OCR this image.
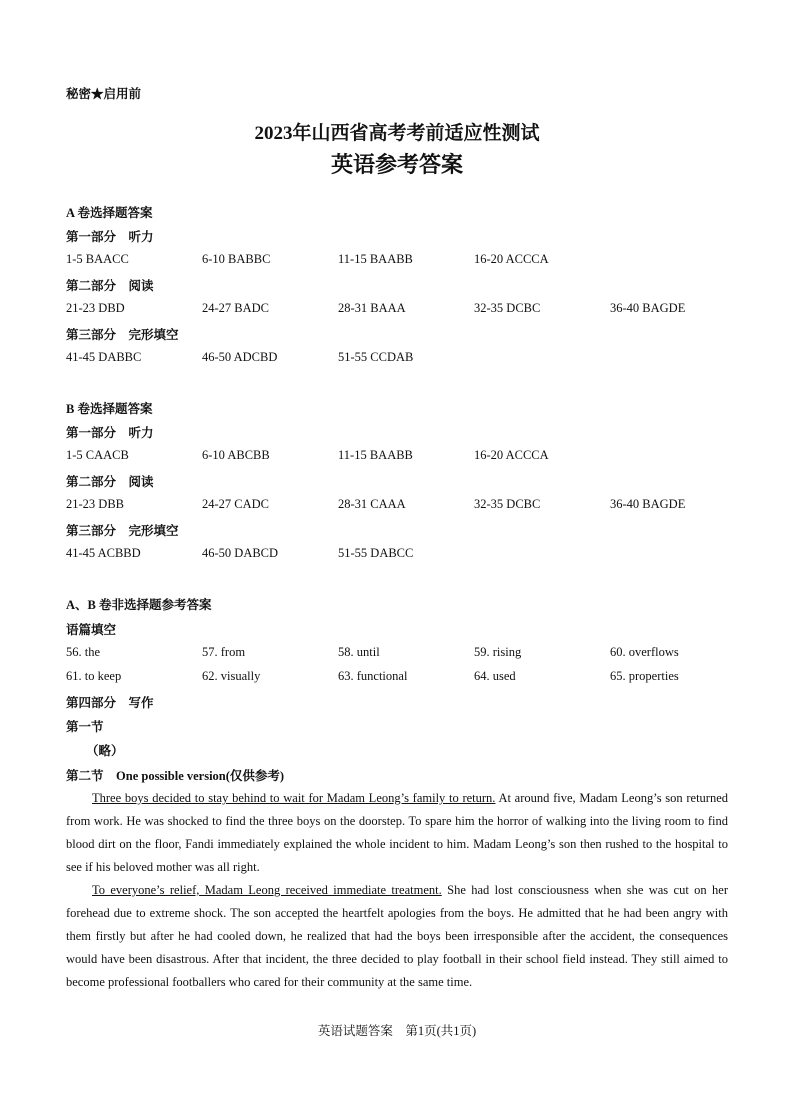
秘密★启用前
2023年山西省高考考前适应性测试
英语参考答案
A 卷选择题答案
第一部分　听力
1-5 BAACC	6-10 BABBC	11-15 BAABB	16-20 ACCCA
第二部分　阅读
21-23 DBD	24-27 BADC	28-31 BAAA	32-35 DCBC	36-40 BAGDE
第三部分　完形填空
41-45 DABBC	46-50 ADCBD	51-55 CCDAB
B 卷选择题答案
第一部分　听力
1-5 CAACB	6-10 ABCBB	11-15 BAABB	16-20 ACCCA
第二部分　阅读
21-23 DBB	24-27 CADC	28-31 CAAA	32-35 DCBC	36-40 BAGDE
第三部分　完形填空
41-45 ACBBD	46-50 DABCD	51-55 DABCC
A、B 卷非选择题参考答案
语篇填空
56. the	57. from	58. until	59. rising	60. overflows
61. to keep	62. visually	63. functional	64. used	65. properties
第四部分　写作
第一节
（略）
第二节 One possible version(仅供参考)
Three boys decided to stay behind to wait for Madam Leong’s family to return. At around five, Madam Leong’s son returned from work. He was shocked to find the three boys on the doorstep. To spare him the horror of walking into the living room to find blood dirt on the floor, Fandi immediately explained the whole incident to him. Madam Leong’s son then rushed to the hospital to see if his beloved mother was all right.
To everyone’s relief, Madam Leong received immediate treatment. She had lost consciousness when she was cut on her forehead due to extreme shock. The son accepted the heartfelt apologies from the boys. He admitted that he had been angry with them firstly but after he had cooled down, he realized that had the boys been irresponsible after the accident, the consequences would have been disastrous. After that incident, the three decided to play football in their school field instead. They still aimed to become professional footballers who cared for their community at the same time.
英语试题答案　第1页(共1页)
